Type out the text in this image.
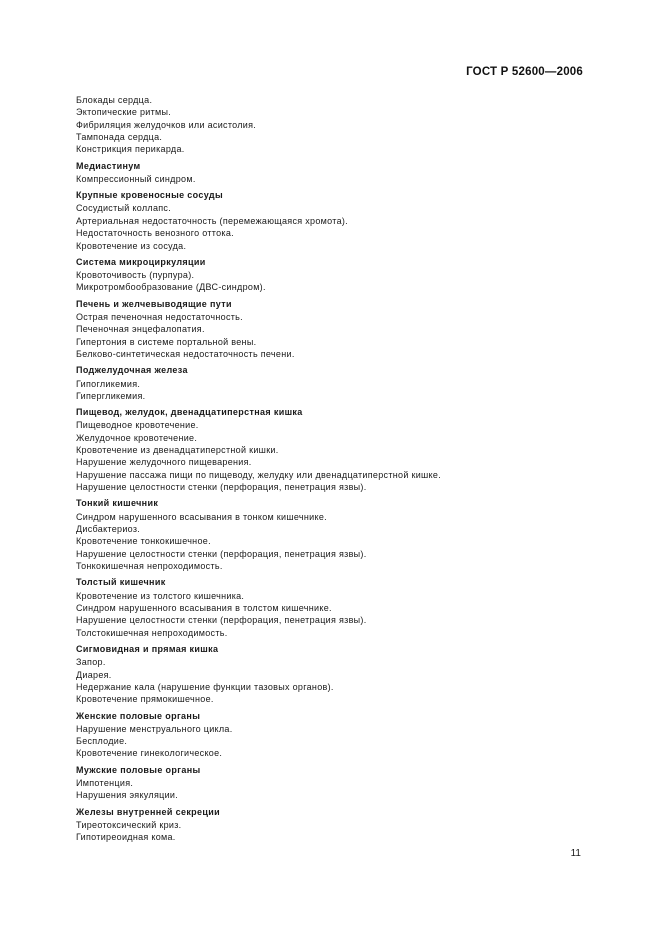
ГОСТ Р 52600—2006
Блокады сердца.
Эктопические ритмы.
Фибриляция желудочков или асистолия.
Тампонада сердца.
Констрикция перикарда.
Медиастинум
Компрессионный синдром.
Крупные кровеносные сосуды
Сосудистый коллапс.
Артериальная недостаточность (перемежающаяся хромота).
Недостаточность венозного оттока.
Кровотечение из сосуда.
Система микроциркуляции
Кровоточивость (пурпура).
Микротромбообразование (ДВС-синдром).
Печень и желчевыводящие пути
Острая печеночная недостаточность.
Печеночная энцефалопатия.
Гипертония в системе портальной вены.
Белково-синтетическая недостаточность печени.
Поджелудочная железа
Гипогликемия.
Гипергликемия.
Пищевод, желудок, двенадцатиперстная кишка
Пищеводное кровотечение.
Желудочное кровотечение.
Кровотечение из двенадцатиперстной кишки.
Нарушение желудочного пищеварения.
Нарушение пассажа пищи по пищеводу, желудку или двенадцатиперстной кишке.
Нарушение целостности стенки (перфорация, пенетрация язвы).
Тонкий кишечник
Синдром нарушенного всасывания в тонком кишечнике.
Дисбактериоз.
Кровотечение тонкокишечное.
Нарушение целостности стенки (перфорация, пенетрация язвы).
Тонкокишечная непроходимость.
Толстый кишечник
Кровотечение из толстого кишечника.
Синдром нарушенного всасывания в толстом кишечнике.
Нарушение целостности стенки (перфорация, пенетрация язвы).
Толстокишечная непроходимость.
Сигмовидная и прямая кишка
Запор.
Диарея.
Недержание кала (нарушение функции тазовых органов).
Кровотечение прямокишечное.
Женские половые органы
Нарушение менструального цикла.
Бесплодие.
Кровотечение гинекологическое.
Мужские половые органы
Импотенция.
Нарушения эякуляции.
Железы внутренней секреции
Тиреотоксический криз.
Гипотиреоидная кома.
11
